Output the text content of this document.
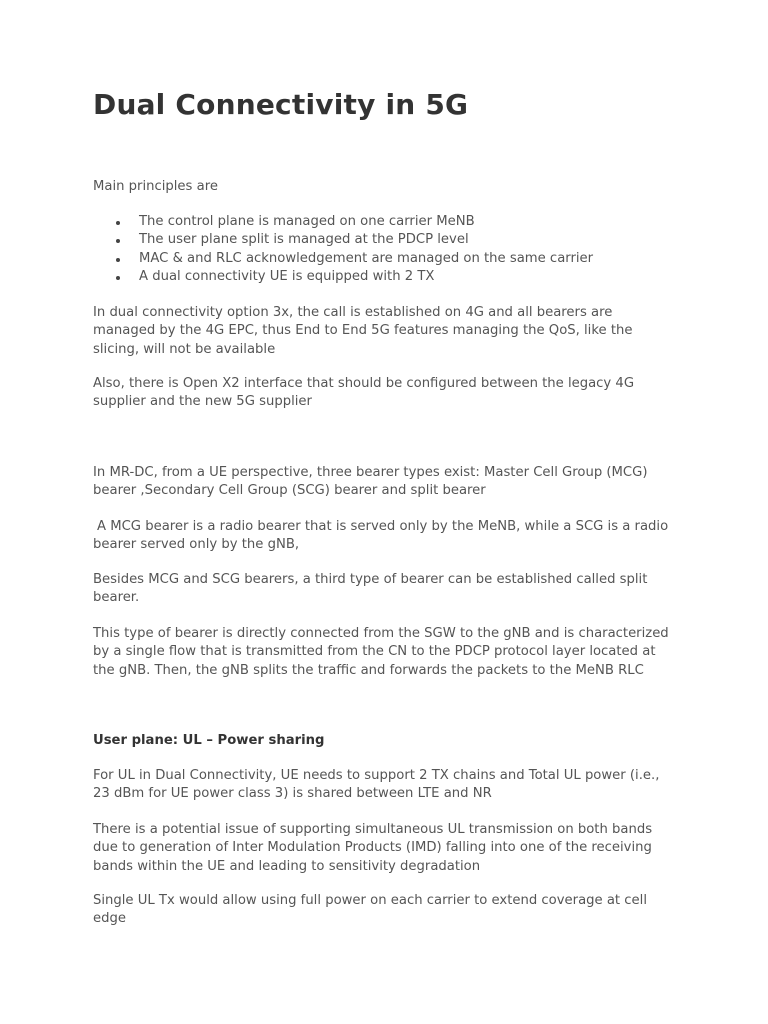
Dual Connectivity in 5G

Main principles are

The control plane is managed on one carrier MeNB
The user plane split is managed at the PDCP level
MAC & and RLC acknowledgement are managed on the same carrier
A dual connectivity UE is equipped with 2 TX

In dual connectivity option 3x, the call is established on 4G and all bearers are managed by the 4G EPC, thus End to End 5G features managing the QoS, like the slicing, will not be available

Also, there is Open X2 interface that should be configured between the legacy 4G supplier and the new 5G supplier

In MR-DC, from a UE perspective, three bearer types exist: Master Cell Group (MCG) bearer ,Secondary Cell Group (SCG) bearer and split bearer

A MCG bearer is a radio bearer that is served only by the MeNB, while a SCG is a radio bearer served only by the gNB,

Besides MCG and SCG bearers, a third type of bearer can be established called split bearer.

This type of bearer is directly connected from the SGW to the gNB and is characterized by a single flow that is transmitted from the CN to the PDCP protocol layer located at the gNB. Then, the gNB splits the traffic and forwards the packets to the MeNB RLC

User plane: UL – Power sharing

For UL in Dual Connectivity, UE needs to support 2 TX chains and Total UL power (i.e., 23 dBm for UE power class 3) is shared between LTE and NR

There is a potential issue of supporting simultaneous UL transmission on both bands due to generation of Inter Modulation Products (IMD) falling into one of the receiving bands within the UE and leading to sensitivity degradation

Single UL Tx would allow using full power on each carrier to extend coverage at cell edge
